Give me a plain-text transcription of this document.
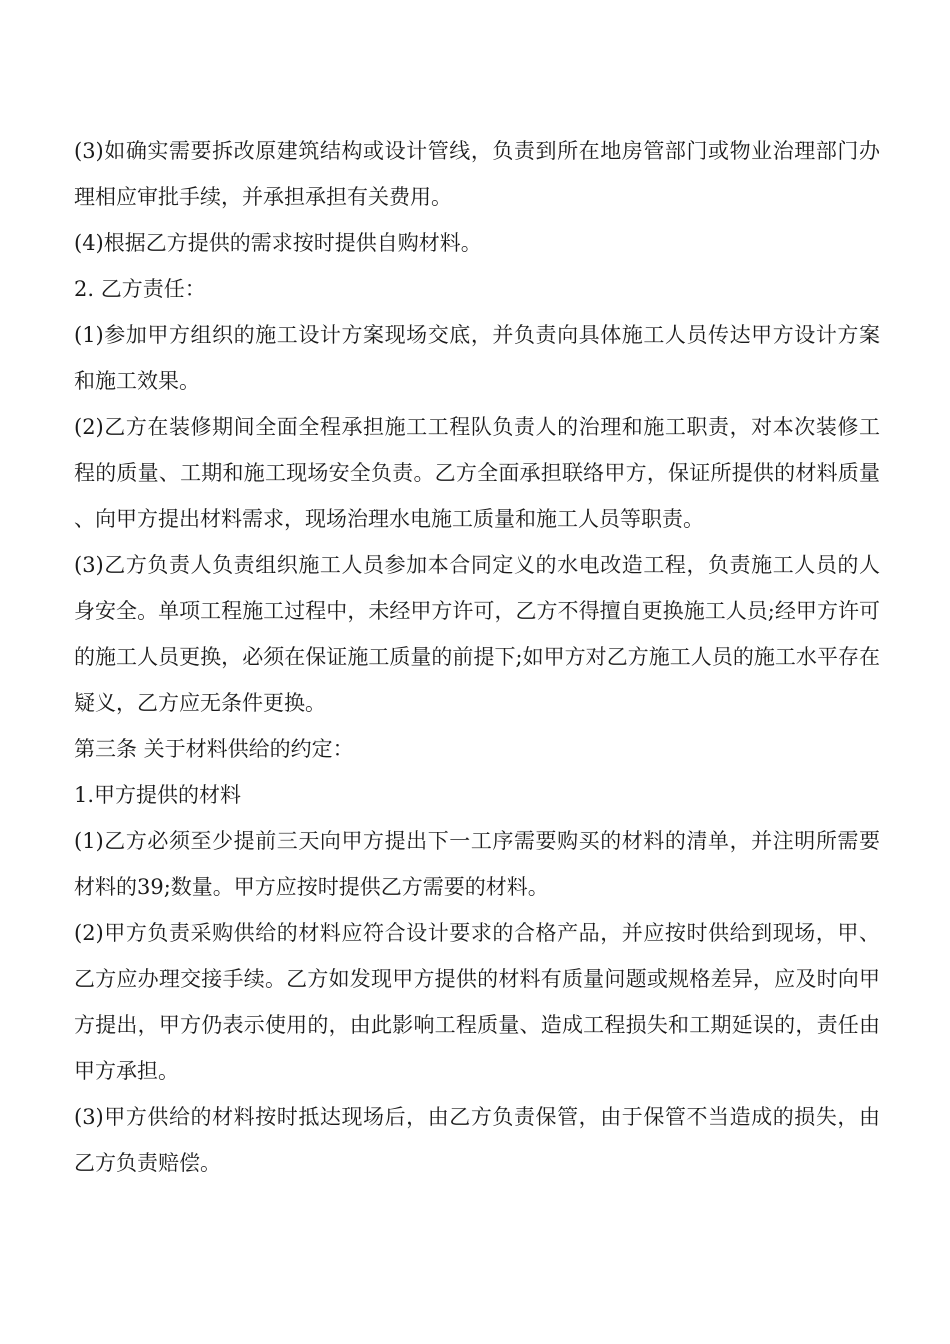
(3)如确实需要拆改原建筑结构或设计管线，负责到所在地房管部门或物业治理部门办理相应审批手续，并承担承担有关费用。

(4)根据乙方提供的需求按时提供自购材料。

2. 乙方责任：

(1)参加甲方组织的施工设计方案现场交底，并负责向具体施工人员传达甲方设计方案和施工效果。

(2)乙方在装修期间全面全程承担施工工程队负责人的治理和施工职责，对本次装修工程的质量、工期和施工现场安全负责。乙方全面承担联络甲方，保证所提供的材料质量、向甲方提出材料需求，现场治理水电施工质量和施工人员等职责。

(3)乙方负责人负责组织施工人员参加本合同定义的水电改造工程，负责施工人员的人身安全。单项工程施工过程中，未经甲方许可，乙方不得擅自更换施工人员;经甲方许可的施工人员更换，必须在保证施工质量的前提下;如甲方对乙方施工人员的施工水平存在疑义，乙方应无条件更换。

第三条 关于材料供给的约定：

1.甲方提供的材料

(1)乙方必须至少提前三天向甲方提出下一工序需要购买的材料的清单，并注明所需要 材料的39;数量。甲方应按时提供乙方需要的材料。

(2)甲方负责采购供给的材料应符合设计要求的合格产品，并应按时供给到现场，甲、乙方应办理交接手续。乙方如发现甲方提供的材料有质量问题或规格差异，应及时向甲方提出，甲方仍表示使用的，由此影响工程质量、造成工程损失和工期延误的，责任由甲方承担。

(3)甲方供给的材料按时抵达现场后，由乙方负责保管，由于保管不当造成的损失，由乙方负责赔偿。
